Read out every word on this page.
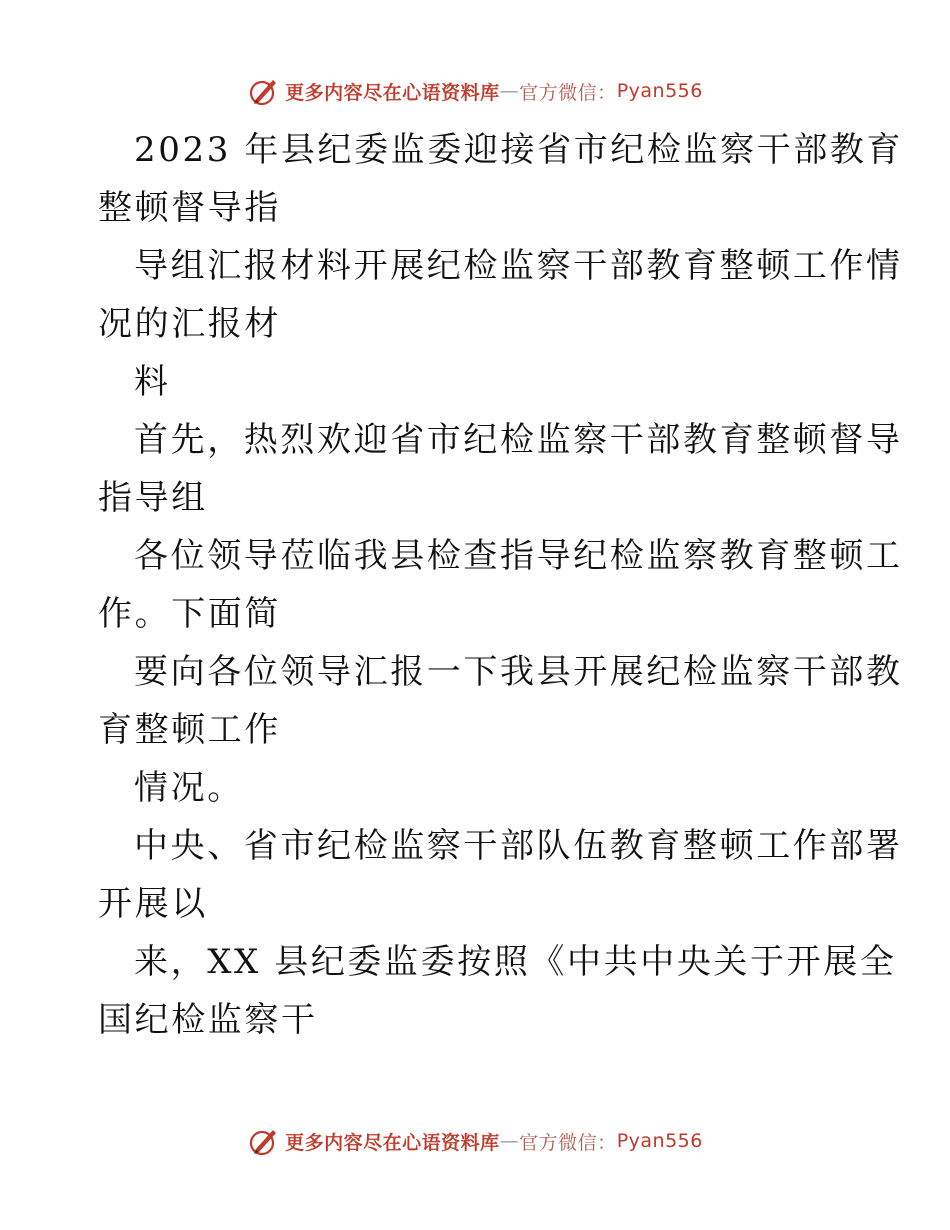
更多内容尽在心语资料库 — 官方微信： Pyan556
2023 年县纪委监委迎接省市纪检监察干部教育
整顿督导指
导组汇报材料开展纪检监察干部教育整顿工作情
况的汇报材
料
首先，热烈欢迎省市纪检监察干部教育整顿督导
指导组
各位领导莅临我县检查指导纪检监察教育整顿工
作。下面简
要向各位领导汇报一下我县开展纪检监察干部教
育整顿工作
情况。
中央、省市纪检监察干部队伍教育整顿工作部署
开展以
来，XX 县纪委监委按照《中共中央关于开展全
国纪检监察干
更多内容尽在心语资料库 — 官方微信： Pyan556
